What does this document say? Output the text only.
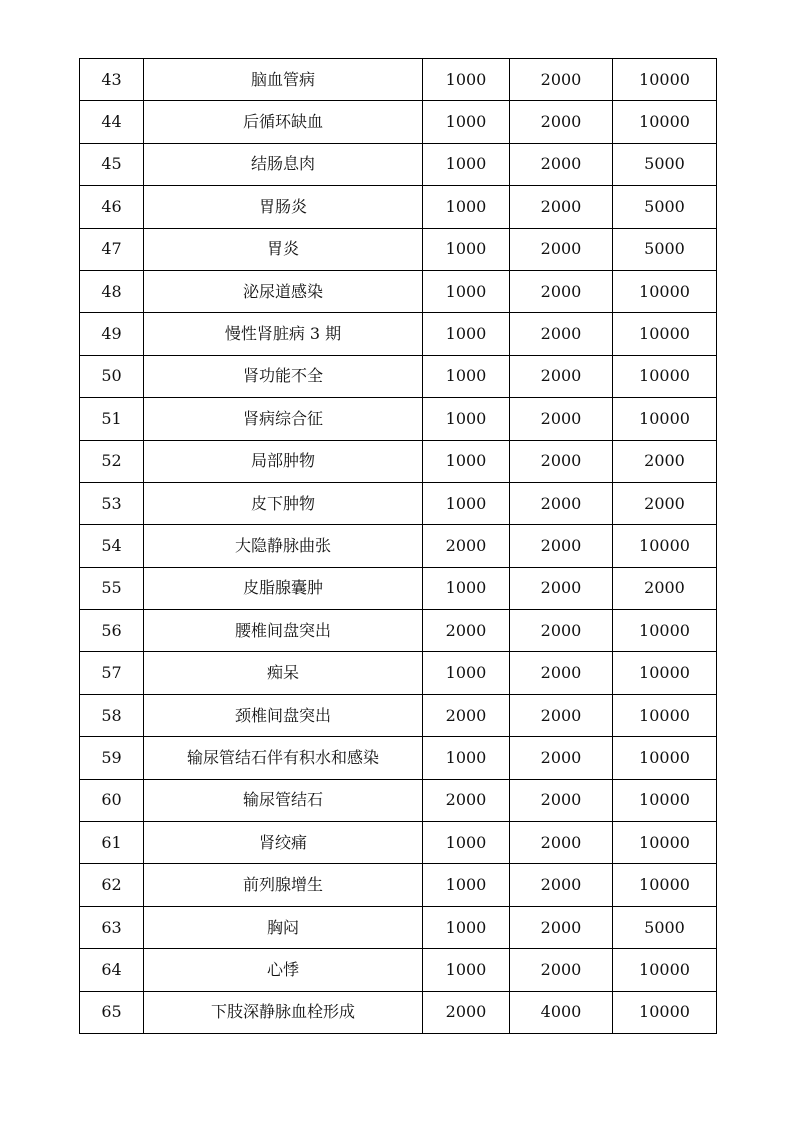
43	脑血管病	1000	2000	10000
44	后循环缺血	1000	2000	10000
45	结肠息肉	1000	2000	5000
46	胃肠炎	1000	2000	5000
47	胃炎	1000	2000	5000
48	泌尿道感染	1000	2000	10000
49	慢性肾脏病 3 期	1000	2000	10000
50	肾功能不全	1000	2000	10000
51	肾病综合征	1000	2000	10000
52	局部肿物	1000	2000	2000
53	皮下肿物	1000	2000	2000
54	大隐静脉曲张	2000	2000	10000
55	皮脂腺囊肿	1000	2000	2000
56	腰椎间盘突出	2000	2000	10000
57	痴呆	1000	2000	10000
58	颈椎间盘突出	2000	2000	10000
59	输尿管结石伴有积水和感染	1000	2000	10000
60	输尿管结石	2000	2000	10000
61	肾绞痛	1000	2000	10000
62	前列腺增生	1000	2000	10000
63	胸闷	1000	2000	5000
64	心悸	1000	2000	10000
65	下肢深静脉血栓形成	2000	4000	10000
